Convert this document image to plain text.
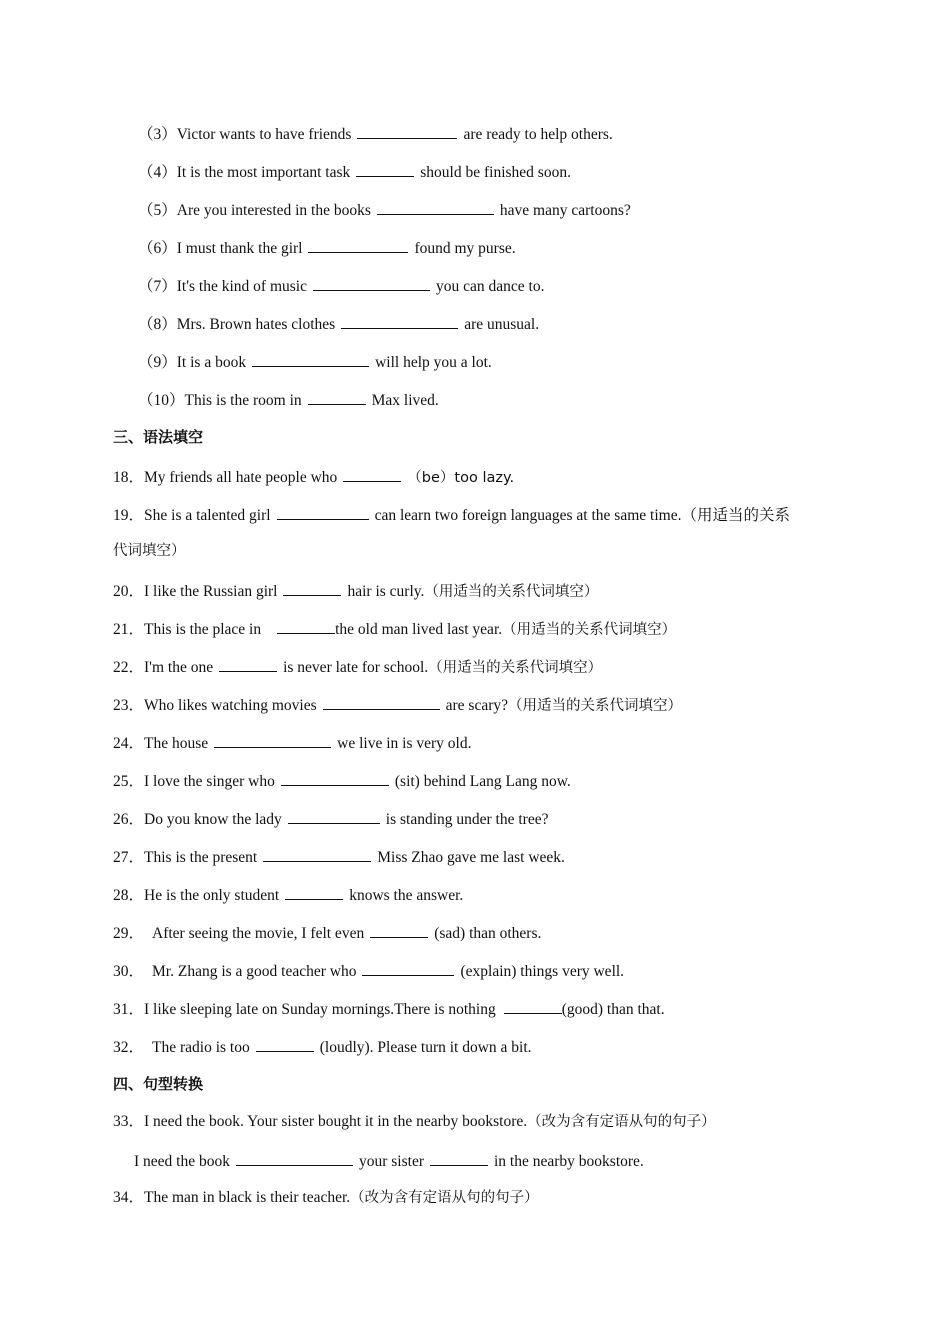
（3）Victor wants to have friends	are ready to help others.
（4）It is the most important task	should be finished soon.
（5）Are you interested in the books	have many cartoons?
（6）I must thank the girl	found my purse.
（7）It's the kind of music	you can dance to.
（8）Mrs. Brown hates clothes	are unusual.
（9）It is a book	will help you a lot.
（10）This is the room in	Max lived.
三、语法填空
18．My friends all hate people who	（be）too lazy.
19．She is a talented girl	can learn two foreign languages at the same time.（用适当的关系
代词填空）
20．I like the Russian girl	hair is curly.（用适当的关系代词填空）
21．This is the place in	the old man lived last year.（用适当的关系代词填空）
22．I'm the one	is never late for school.（用适当的关系代词填空）
23．Who likes watching movies	are scary?（用适当的关系代词填空）
24．The house	we live in is very old.
25．I love the singer who	(sit) behind Lang Lang now.
26．Do you know the lady	is standing under the tree?
27．This is the present	Miss Zhao gave me last week.
28．He is the only student	knows the answer.
29． After seeing the movie, I felt even	(sad) than others.
30． Mr. Zhang is a good teacher who	(explain) things very well.
31．I like sleeping late on Sunday mornings.There is nothing	(good) than that.
32． The radio is too	(loudly). Please turn it down a bit.
四、句型转换
33．I need the book. Your sister bought it in the nearby bookstore.（改为含有定语从句的句子）
I need the book	your sister	in the nearby bookstore.
34．The man in black is their teacher.（改为含有定语从句的句子）
